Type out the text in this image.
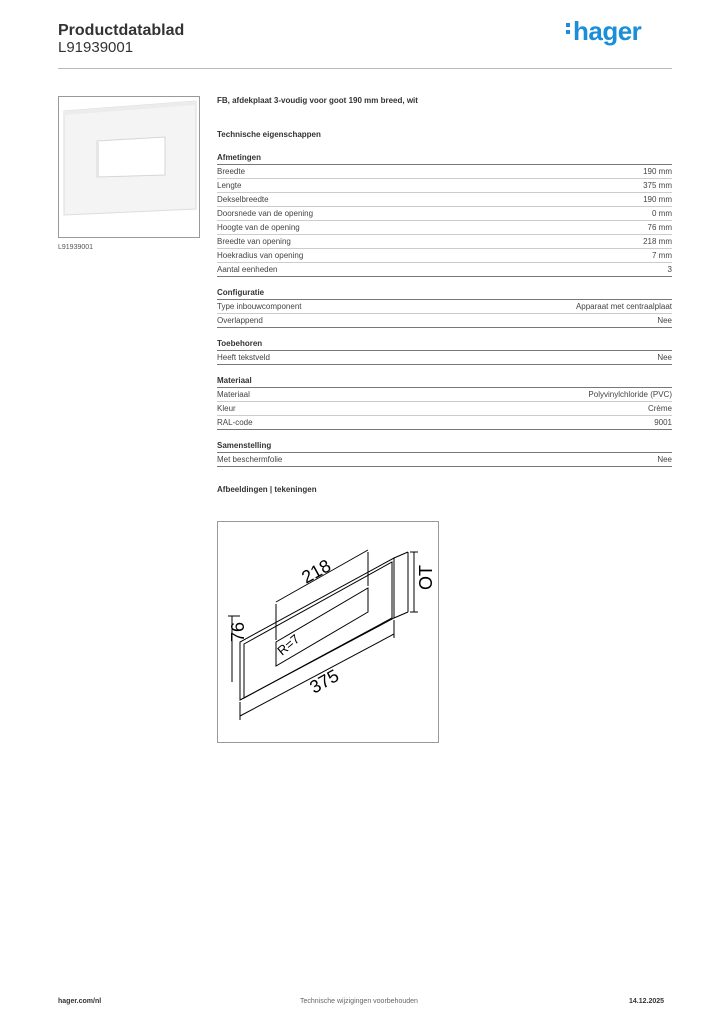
Productdatablad
L91939001
hager
L91939001
FB, afdekplaat 3-voudig voor goot 190 mm breed, wit
Technische eigenschappen
Afmetingen
Breedte	190 mm
Lengte	375 mm
Dekselbreedte	190 mm
Doorsnede van de opening	0 mm
Hoogte van de opening	76 mm
Breedte van opening	218 mm
Hoekradius van opening	7 mm
Aantal eenheden	3
Configuratie
Type inbouwcomponent	Apparaat met centraalplaat
Overlappend	Nee
Toebehoren
Heeft tekstveld	Nee
Materiaal
Materiaal	Polyvinylchloride (PVC)
Kleur	Crème
RAL-code	9001
Samenstelling
Met beschermfolie	Nee
Afbeeldingen | tekeningen
218
375
76 R=7
OT
hager.com/nl	Technische wijzigingen voorbehouden	14.12.2025
